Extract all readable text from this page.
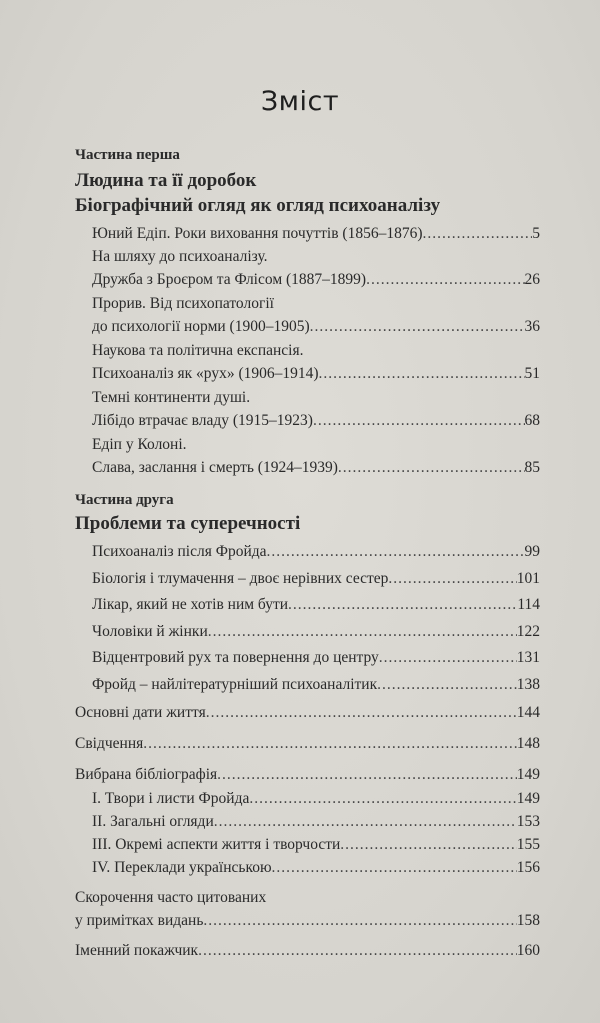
Зміст
Частина перша
Людина та її доробок
Біографічний огляд як огляд психоаналізу
Юний Едіп. Роки виховання почуттів (1856–1876) .....	5
На шляху до психоаналізу.
Дружба з Броєром та Флісом (1887–1899) .....	26
Прорив. Від психопатології
до психології норми (1900–1905) .....	36
Наукова та політична експансія.
Психоаналіз як «рух» (1906–1914) .....	51
Темні континенти душі.
Лібідо втрачає владу (1915–1923) .....	68
Едіп у Колоні.
Слава, заслання і смерть (1924–1939) .....	85
Частина друга
Проблеми та суперечності
Психоаналіз після Фройда .....	99
Біологія і тлумачення – двоє нерівних сестер .....	101
Лікар, який не хотів ним бути .....	114
Чоловіки й жінки .....	122
Відцентровий рух та повернення до центру .....	131
Фройд – найлітературніший психоаналітик .....	138
Основні дати життя .....	144
Свідчення .....	148
Вибрана бібліографія .....	149
I. Твори і листи Фройда .....	149
II. Загальні огляди .....	153
III. Окремі аспекти життя і творчости .....	155
IV. Переклади українською .....	156
Скорочення часто цитованих
у примітках видань .....	158
Іменний покажчик .....	160
